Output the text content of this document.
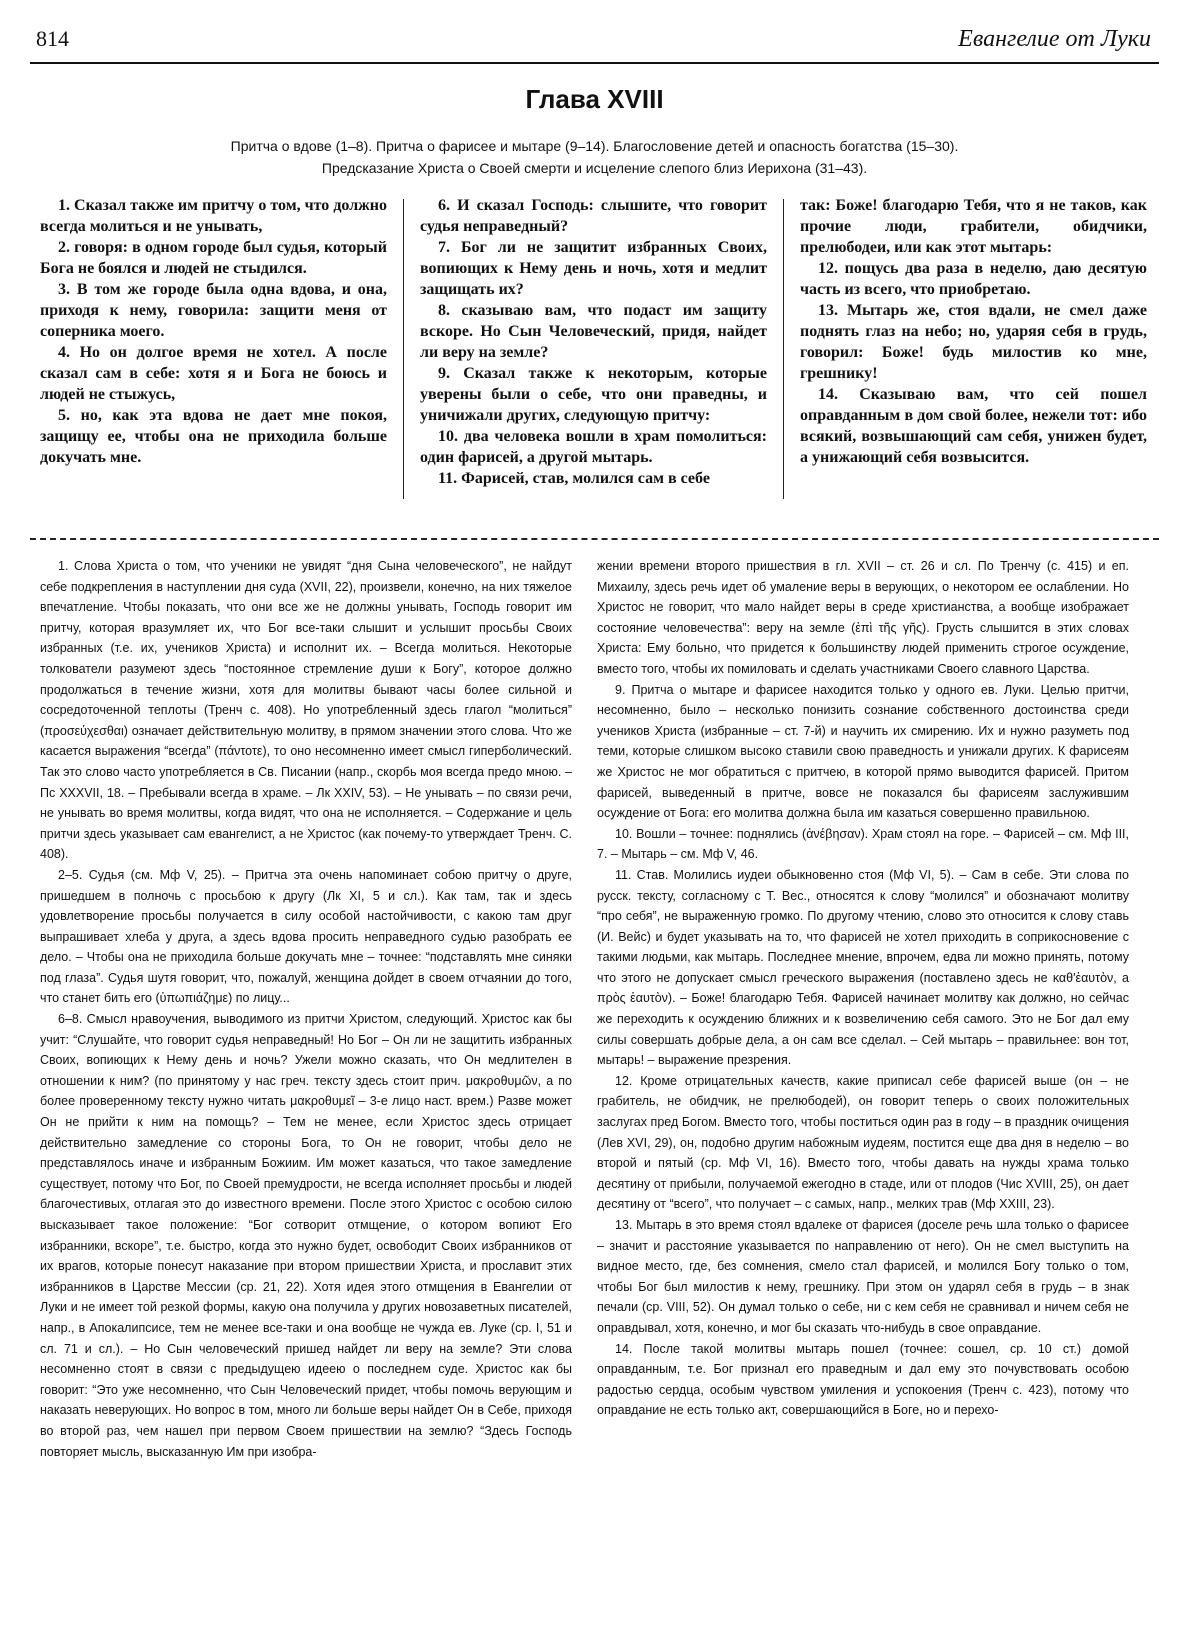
814	Евангелие от Луки
Глава XVIII
Притча о вдове (1–8). Притча о фарисее и мытаре (9–14). Благословение детей и опасность богатства (15–30).
Предсказание Христа о Своей смерти и исцеление слепого близ Иерихона (31–43).

1. Сказал также им притчу о том, что должно всегда молиться и не унывать,

2. говоря: в одном городе был судья, который Бога не боялся и людей не стыдился.

3. В том же городе была одна вдова, и она, приходя к нему, говорила: защити меня от соперника моего.

4. Но он долгое время не хотел. А после сказал сам в себе: хотя я и Бога не боюсь и людей не стыжусь,

5. но, как эта вдова не дает мне покоя, защищу ее, чтобы она не приходила больше докучать мне.

6. И сказал Господь: слышите, что говорит судья неправедный?

7. Бог ли не защитит избранных Своих, вопиющих к Нему день и ночь, хотя и медлит защищать их?

8. сказываю вам, что подаст им защиту вскоре. Но Сын Человеческий, придя, найдет ли веру на земле?

9. Сказал также к некоторым, которые уверены были о себе, что они праведны, и уничижали других, следующую притчу:

10. два человека вошли в храм помолиться: один фарисей, а другой мытарь.

11. Фарисей, став, молился сам в себе

так: Боже! благодарю Тебя, что я не таков, как прочие люди, грабители, обидчики, прелюбодеи, или как этот мытарь:

12. пощусь два раза в неделю, даю десятую часть из всего, что приобретаю.

13. Мытарь же, стоя вдали, не смел даже поднять глаз на небо; но, ударяя себя в грудь, говорил: Боже! будь милостив ко мне, грешнику!

14. Сказываю вам, что сей пошел оправданным в дом свой более, нежели тот: ибо всякий, возвышающий сам себя, унижен будет, а унижающий себя возвысится.

1. Слова Христа о том, что ученики не увидят “дня Сына человеческого”, не найдут себе подкрепления в наступлении дня суда (XVII, 22), произвели, конечно, на них тяжелое впечатление. Чтобы показать, что они все же не должны унывать, Господь говорит им притчу, которая вразумляет их, что Бог все-таки слышит и услышит просьбы Своих избранных (т.е. их, учеников Христа) и исполнит их. – Всегда молиться. Некоторые толкователи разумеют здесь “постоянное стремление души к Богу”, которое должно продолжаться в течение жизни, хотя для молитвы бывают часы более сильной и сосредоточенной теплоты (Тренч с. 408). Но употребленный здесь глагол “молиться” (προσεύχεσθαι) означает действительную молитву, в прямом значении этого слова. Что же касается выражения “всегда” (πάντοτε), то оно несомненно имеет смысл гиперболический. Так это слово часто употребляется в Св. Писании (напр., скорбь моя всегда предо мною. – Пс XXXVII, 18. – Пребывали всегда в храме. – Лк XXIV, 53). – Не унывать – по связи речи, не унывать во время молитвы, когда видят, что она не исполняется. – Содержание и цель притчи здесь указывает сам евангелист, а не Христос (как почему-то утверждает Тренч. С. 408).

2–5. Судья (см. Мф V, 25). – Притча эта очень напоминает собою притчу о друге, пришедшем в полночь с просьбою к другу (Лк XI, 5 и сл.). Как там, так и здесь удовлетворение просьбы получается в силу особой настойчивости, с какою там друг выпрашивает хлеба у друга, а здесь вдова просить неправедного судью разобрать ее дело. – Чтобы она не приходила больше докучать мне – точнее: “подставлять мне синяки под глаза”. Судья шутя говорит, что, пожалуй, женщина дойдет в своем отчаянии до того, что станет бить его (ὑπωπιάζημε) по лицу...

6–8. Смысл нравоучения, выводимого из притчи Христом, следующий. Христос как бы учит: “Слушайте, что говорит судья неправедный! Но Бог – Он ли не защитить избранных Своих, вопиющих к Нему день и ночь? Ужели можно сказать, что Он медлителен в отношении к ним? (по принятому у нас греч. тексту здесь стоит прич. μακροθυμῶν, а по более проверенному тексту нужно читать μακροθυμεῖ – 3-е лицо наст. врем.) Разве может Он не прийти к ним на помощь? – Тем не менее, если Христос здесь отрицает действительно замедление со стороны Бога, то Он не говорит, чтобы дело не представлялось иначе и избранным Божиим. Им может казаться, что такое замедление существует, потому что Бог, по Своей премудрости, не всегда исполняет просьбы и людей благочестивых, отлагая это до известного времени. После этого Христос с особою силою высказывает такое положение: “Бог сотворит отмщение, о котором вопиют Его избранники, вскоре”, т.е. быстро, когда это нужно будет, освободит Своих избранников от их врагов, которые понесут наказание при втором пришествии Христа, и прославит этих избранников в Царстве Мессии (ср. 21, 22). Хотя идея этого отмщения в Евангелии от Луки и не имеет той резкой формы, какую она получила у других новозаветных писателей, напр., в Апокалипсисе, тем не менее все-таки и она вообще не чужда ев. Луке (ср. I, 51 и сл. 71 и сл.). – Но Сын человеческий пришед найдет ли веру на земле? Эти слова несомненно стоят в связи с предыдущею идеею о последнем суде. Христос как бы говорит: “Это уже несомненно, что Сын Человеческий придет, чтобы помочь верующим и наказать неверующих. Но вопрос в том, много ли больше веры найдет Он в Себе, приходя во второй раз, чем нашел при первом Своем пришествии на землю? “Здесь Господь повторяет мысль, высказанную Им при изобра-

жении времени второго пришествия в гл. XVII – ст. 26 и сл. По Тренчу (с. 415) и еп. Михаилу, здесь речь идет об умаление веры в верующих, о некотором ее ослаблении. Но Христос не говорит, что мало найдет веры в среде христианства, а вообще изображает состояние человечества”: веру на земле (ἐπὶ τῆς γῆς). Грусть слышится в этих словах Христа: Ему больно, что придется к большинству людей применить строгое осуждение, вместо того, чтобы их помиловать и сделать участниками Своего славного Царства.

9. Притча о мытаре и фарисее находится только у одного ев. Луки. Целью притчи, несомненно, было – несколько понизить сознание собственного достоинства среди учеников Христа (избранные – ст. 7-й) и научить их смирению. Их и нужно разуметь под теми, которые слишком высоко ставили свою праведность и унижали других. К фарисеям же Христос не мог обратиться с притчею, в которой прямо выводится фарисей. Притом фарисей, выведенный в притче, вовсе не показался бы фарисеям заслужившим осуждение от Бога: его молитва должна была им казаться совершенно правильною.

10. Вошли – точнее: поднялись (ἀνέβησαν). Храм стоял на горе. – Фарисей – см. Мф III, 7. – Мытарь – см. Мф V, 46.

11. Став. Молились иудеи обыкновенно стоя (Мф VI, 5). – Сам в себе. Эти слова по русск. тексту, согласному с Т. Вес., относятся к слову “молился” и обозначают молитву “про себя”, не выраженную громко. По другому чтению, слово это относится к слову ставь (И. Вейс) и будет указывать на то, что фарисей не хотел приходить в соприкосновение с такими людьми, как мытарь. Последнее мнение, впрочем, едва ли можно принять, потому что этого не допускает смысл греческого выражения (поставлено здесь не καθ'ἑαυτὸν, а πρὸς ἑαυτὸν). – Боже! благодарю Тебя. Фарисей начинает молитву как должно, но сейчас же переходить к осуждению ближних и к возвеличению себя самого. Это не Бог дал ему силы совершать добрые дела, а он сам все сделал. – Сей мытарь – правильнее: вон тот, мытарь! – выражение презрения.

12. Кроме отрицательных качеств, какие приписал себе фарисей выше (он – не грабитель, не обидчик, не прелюбодей), он говорит теперь о своих положительных заслугах пред Богом. Вместо того, чтобы поститься один раз в году – в праздник очищения (Лев XVI, 29), он, подобно другим набожным иудеям, постится еще два дня в неделю – во второй и пятый (ср. Мф VI, 16). Вместо того, чтобы давать на нужды храма только десятину от прибыли, получаемой ежегодно в стаде, или от плодов (Чис XVIII, 25), он дает десятину от “всего”, что получает – с самых, напр., мелких трав (Мф XXIII, 23).

13. Мытарь в это время стоял вдалеке от фарисея (доселе речь шла только о фарисее – значит и расстояние указывается по направлению от него). Он не смел выступить на видное место, где, без сомнения, смело стал фарисей, и молился Богу только о том, чтобы Бог был милостив к нему, грешнику. При этом он ударял себя в грудь – в знак печали (ср. VIII, 52). Он думал только о себе, ни с кем себя не сравнивал и ничем себя не оправдывал, хотя, конечно, и мог бы сказать что-нибудь в свое оправдание.

14. После такой молитвы мытарь пошел (точнее: сошел, ср. 10 ст.) домой оправданным, т.е. Бог признал его праведным и дал ему это почувствовать особою радостью сердца, особым чувством умиления и успокоения (Тренч с. 423), потому что оправдание не есть только акт, совершающийся в Боге, но и перехо-
